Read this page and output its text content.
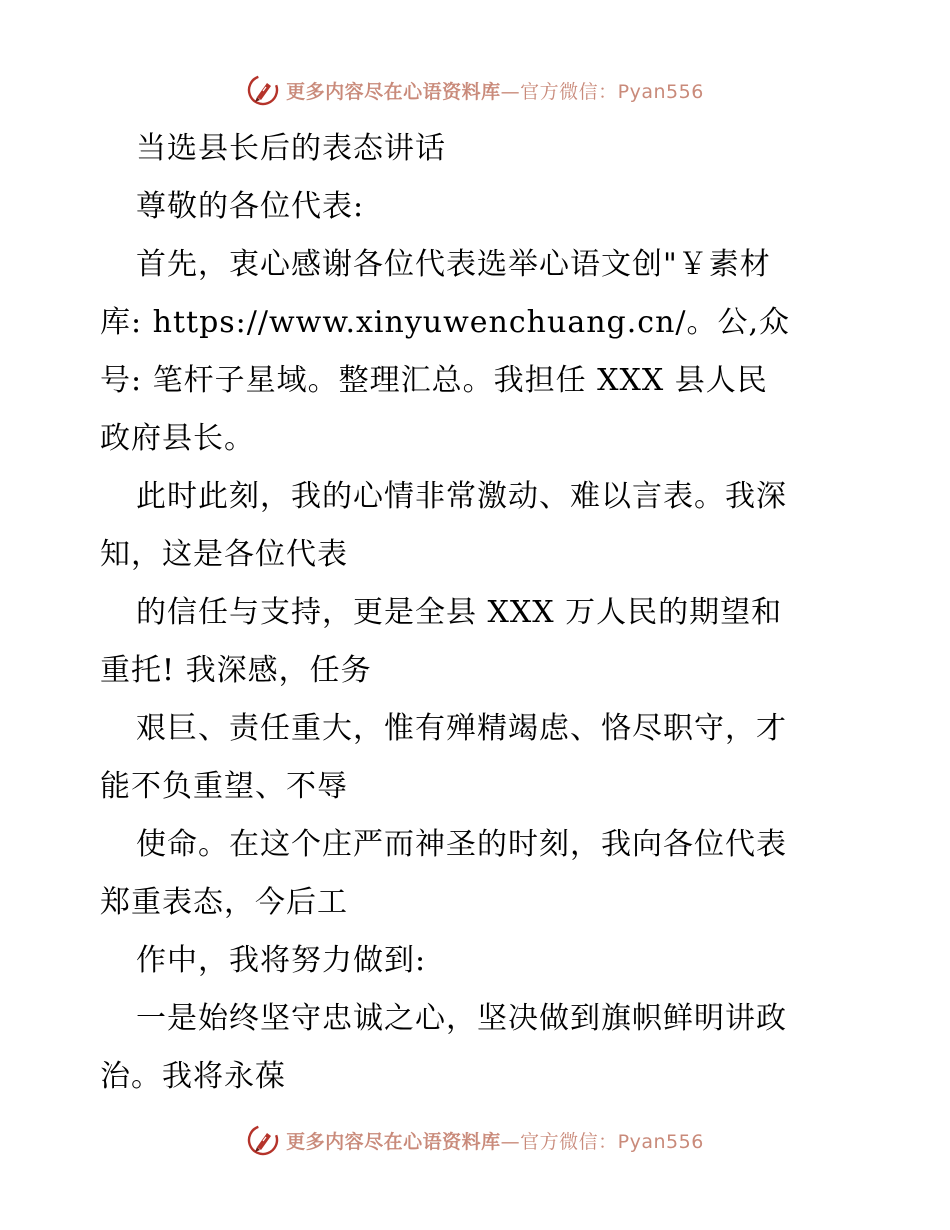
更多内容尽在心语资料库—官方微信：Pyan556
当选县长后的表态讲话
尊敬的各位代表:
首先，衷心感谢各位代表选举心语文创"￥素材
库: https://www.xinyuwenchuang.cn/。公,众
号: 笔杆子星域。整理汇总。我担任 XXX 县人民
政府县长。
此时此刻，我的心情非常激动、难以言表。我深
知，这是各位代表
的信任与支持，更是全县 XXX 万人民的期望和
重托! 我深感，任务
艰巨、责任重大，惟有殚精竭虑、恪尽职守，才
能不负重望、不辱
使命。在这个庄严而神圣的时刻，我向各位代表
郑重表态，今后工
作中，我将努力做到:
一是始终坚守忠诚之心，坚决做到旗帜鲜明讲政
治。我将永葆
更多内容尽在心语资料库—官方微信：Pyan556
